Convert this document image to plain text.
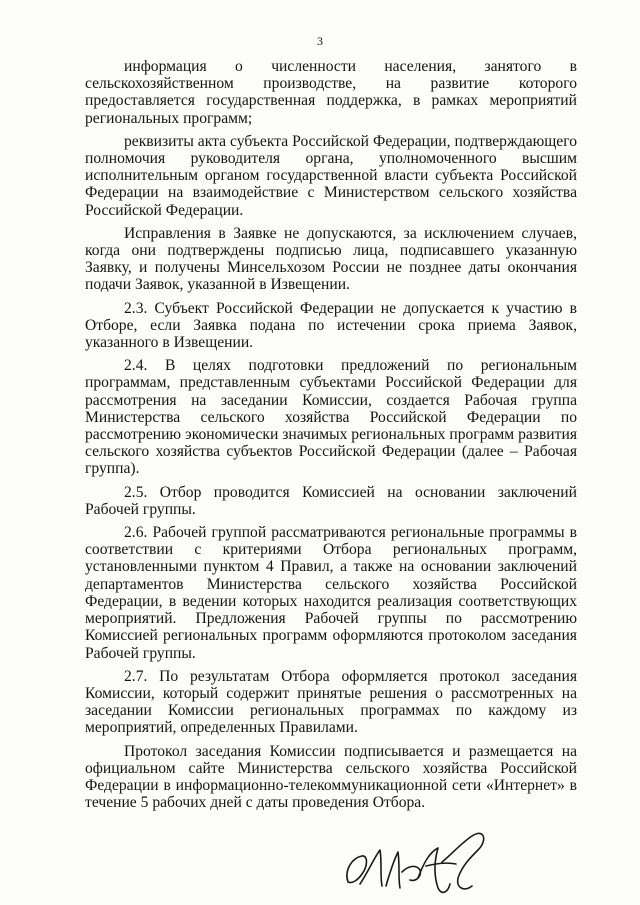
3

информация о численности населения, занятого в сельскохозяйственном производстве, на развитие которого предоставляется государственная поддержка, в рамках мероприятий региональных программ;

реквизиты акта субъекта Российской Федерации, подтверждающего полномочия руководителя органа, уполномоченного высшим исполнительным органом государственной власти субъекта Российской Федерации на взаимодействие с Министерством сельского хозяйства Российской Федерации.

Исправления в Заявке не допускаются, за исключением случаев, когда они подтверждены подписью лица, подписавшего указанную Заявку, и получены Минсельхозом России не позднее даты окончания подачи Заявок, указанной в Извещении.

2.3. Субъект Российской Федерации не допускается к участию в Отборе, если Заявка подана по истечении срока приема Заявок, указанного в Извещении.

2.4. В целях подготовки предложений по региональным программам, представленным субъектами Российской Федерации для рассмотрения на заседании Комиссии, создается Рабочая группа Министерства сельского хозяйства Российской Федерации по рассмотрению экономически значимых региональных программ развития сельского хозяйства субъектов Российской Федерации (далее – Рабочая группа).

2.5. Отбор проводится Комиссией на основании заключений Рабочей группы.

2.6. Рабочей группой рассматриваются региональные программы в соответствии с критериями Отбора региональных программ, установленными пунктом 4 Правил, а также на основании заключений департаментов Министерства сельского хозяйства Российской Федерации, в ведении которых находится реализация соответствующих мероприятий. Предложения Рабочей группы по рассмотрению Комиссией региональных программ оформляются протоколом заседания Рабочей группы.

2.7. По результатам Отбора оформляется протокол заседания Комиссии, который содержит принятые решения о рассмотренных на заседании Комиссии региональных программах по каждому из мероприятий, определенных Правилами.

Протокол заседания Комиссии подписывается и размещается на официальном сайте Министерства сельского хозяйства Российской Федерации в информационно-телекоммуникационной сети «Интернет» в течение 5 рабочих дней с даты проведения Отбора.
